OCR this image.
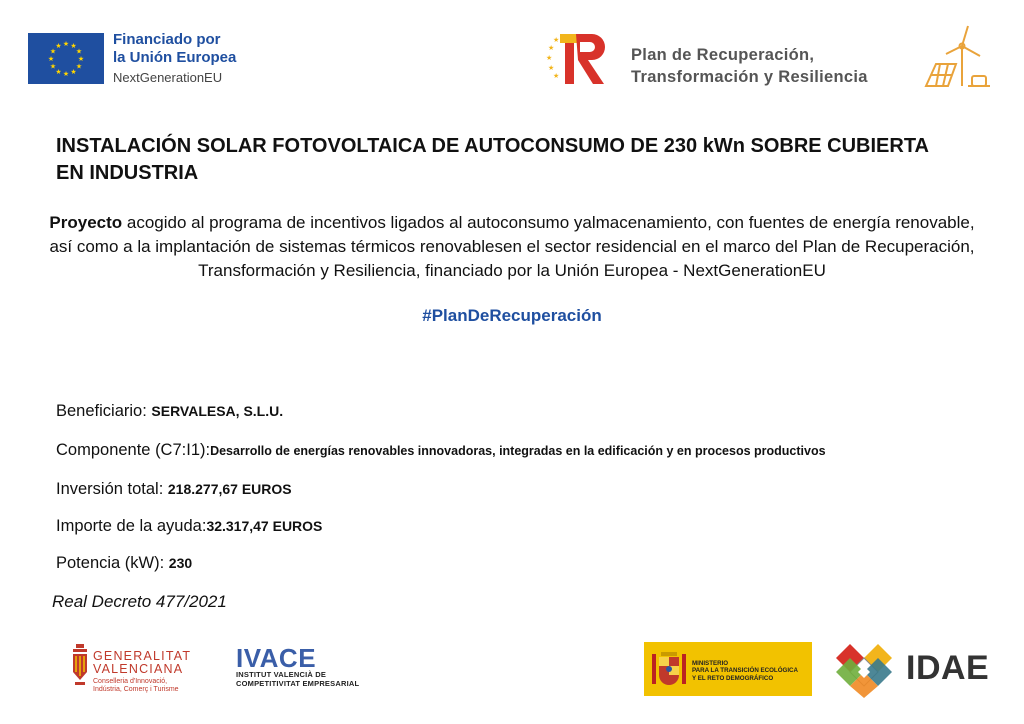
★ ★
★
★
★
★
★
★
★
★
★
★	Financiado por
la Unión Europea
NextGenerationEU
★
★
★
★
★
Plan de Recuperación,
Transformación y Resiliencia
INSTALACIÓN SOLAR FOTOVOLTAICA DE AUTOCONSUMO DE 230 kWn SOBRE CUBIERTA EN INDUSTRIA
Proyecto acogido al programa de incentivos ligados al autoconsumo yalmacenamiento, con fuentes de energía renovable, así como a la implantación de sistemas térmicos renovablesen el sector residencial en el marco del Plan de Recuperación, Transformación y Resiliencia, financiado por la Unión Europea - NextGenerationEU
#PlanDeRecuperación
Beneficiario: SERVALESA, S.L.U.
Componente (C7:I1):Desarrollo de energías renovables innovadoras, integradas en la edificación y en procesos productivos
Inversión total: 218.277,67 EUROS
Importe de la ayuda:32.317,47 EUROS
Potencia (kW): 230
Real Decreto 477/2021
GENERALITAT
VALENCIANA
Conselleria d'Innovació,
Indústria, Comerç i Turisme
IVACE
INSTITUT VALENCIÀ DE
COMPETITIVITAT EMPRESARIAL
MINISTERIO
PARA LA TRANSICIÓN ECOLÓGICA
Y EL RETO DEMOGRÁFICO	IDAE
